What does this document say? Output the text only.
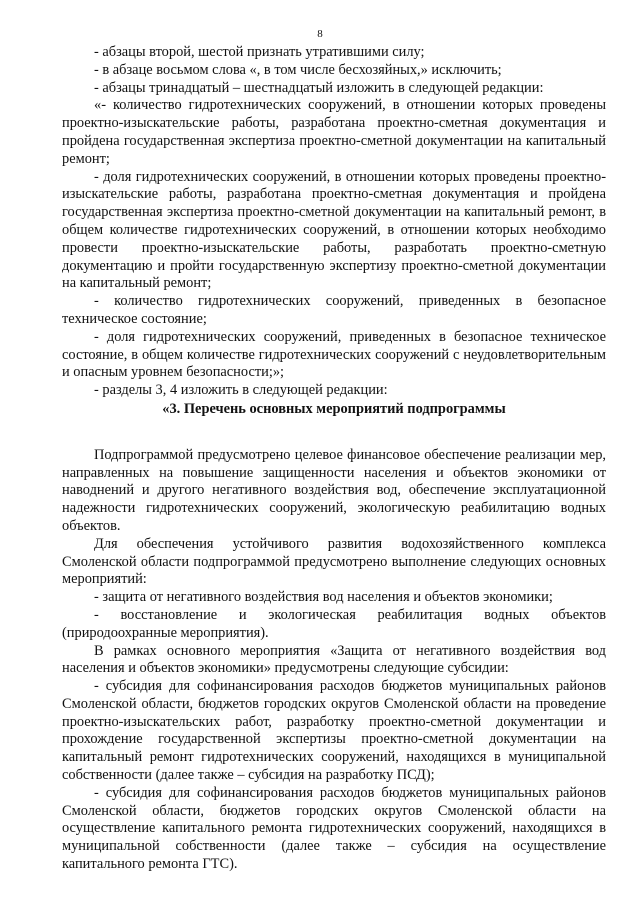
8

- абзацы второй, шестой признать утратившими силу;

- в абзаце восьмом слова «, в том числе бесхозяйных,» исключить;

- абзацы тринадцатый – шестнадцатый изложить в следующей редакции:

«- количество гидротехнических сооружений, в отношении которых проведены проектно-изыскательские работы, разработана проектно-сметная документация и пройдена государственная экспертиза проектно-сметной документации на капитальный ремонт;

- доля гидротехнических сооружений, в отношении которых проведены проектно-изыскательские работы, разработана проектно-сметная документация и пройдена государственная экспертиза проектно-сметной документации на капитальный ремонт, в общем количестве гидротехнических сооружений, в отношении которых необходимо провести проектно-изыскательские работы, разработать проектно-сметную документацию и пройти государственную экспертизу проектно-сметной документации на капитальный ремонт;

- количество гидротехнических сооружений, приведенных в безопасное техническое состояние;

- доля гидротехнических сооружений, приведенных в безопасное техническое состояние, в общем количестве гидротехнических сооружений с неудовлетворительным и опасным уровнем безопасности;»;

- разделы 3, 4 изложить в следующей редакции:

«3. Перечень основных мероприятий подпрограммы

Подпрограммой предусмотрено целевое финансовое обеспечение реализации мер, направленных на повышение защищенности населения и объектов экономики от наводнений и другого негативного воздействия вод, обеспечение эксплуатационной надежности гидротехнических сооружений, экологическую реабилитацию водных объектов.

Для обеспечения устойчивого развития водохозяйственного комплекса Смоленской области подпрограммой предусмотрено выполнение следующих основных мероприятий:

- защита от негативного воздействия вод населения и объектов экономики;

- восстановление и экологическая реабилитация водных объектов (природоохранные мероприятия).

В рамках основного мероприятия «Защита от негативного воздействия вод населения и объектов экономики» предусмотрены следующие субсидии:

- субсидия для софинансирования расходов бюджетов муниципальных районов Смоленской области, бюджетов городских округов Смоленской области на проведение проектно-изыскательских работ, разработку проектно-сметной документации и прохождение государственной экспертизы проектно-сметной документации на капитальный ремонт гидротехнических сооружений, находящихся в муниципальной собственности (далее также – субсидия на разработку ПСД);

- субсидия для софинансирования расходов бюджетов муниципальных районов Смоленской области, бюджетов городских округов Смоленской области на осуществление капитального ремонта гидротехнических сооружений, находящихся в муниципальной собственности (далее также – субсидия на осуществление капитального ремонта ГТС).
